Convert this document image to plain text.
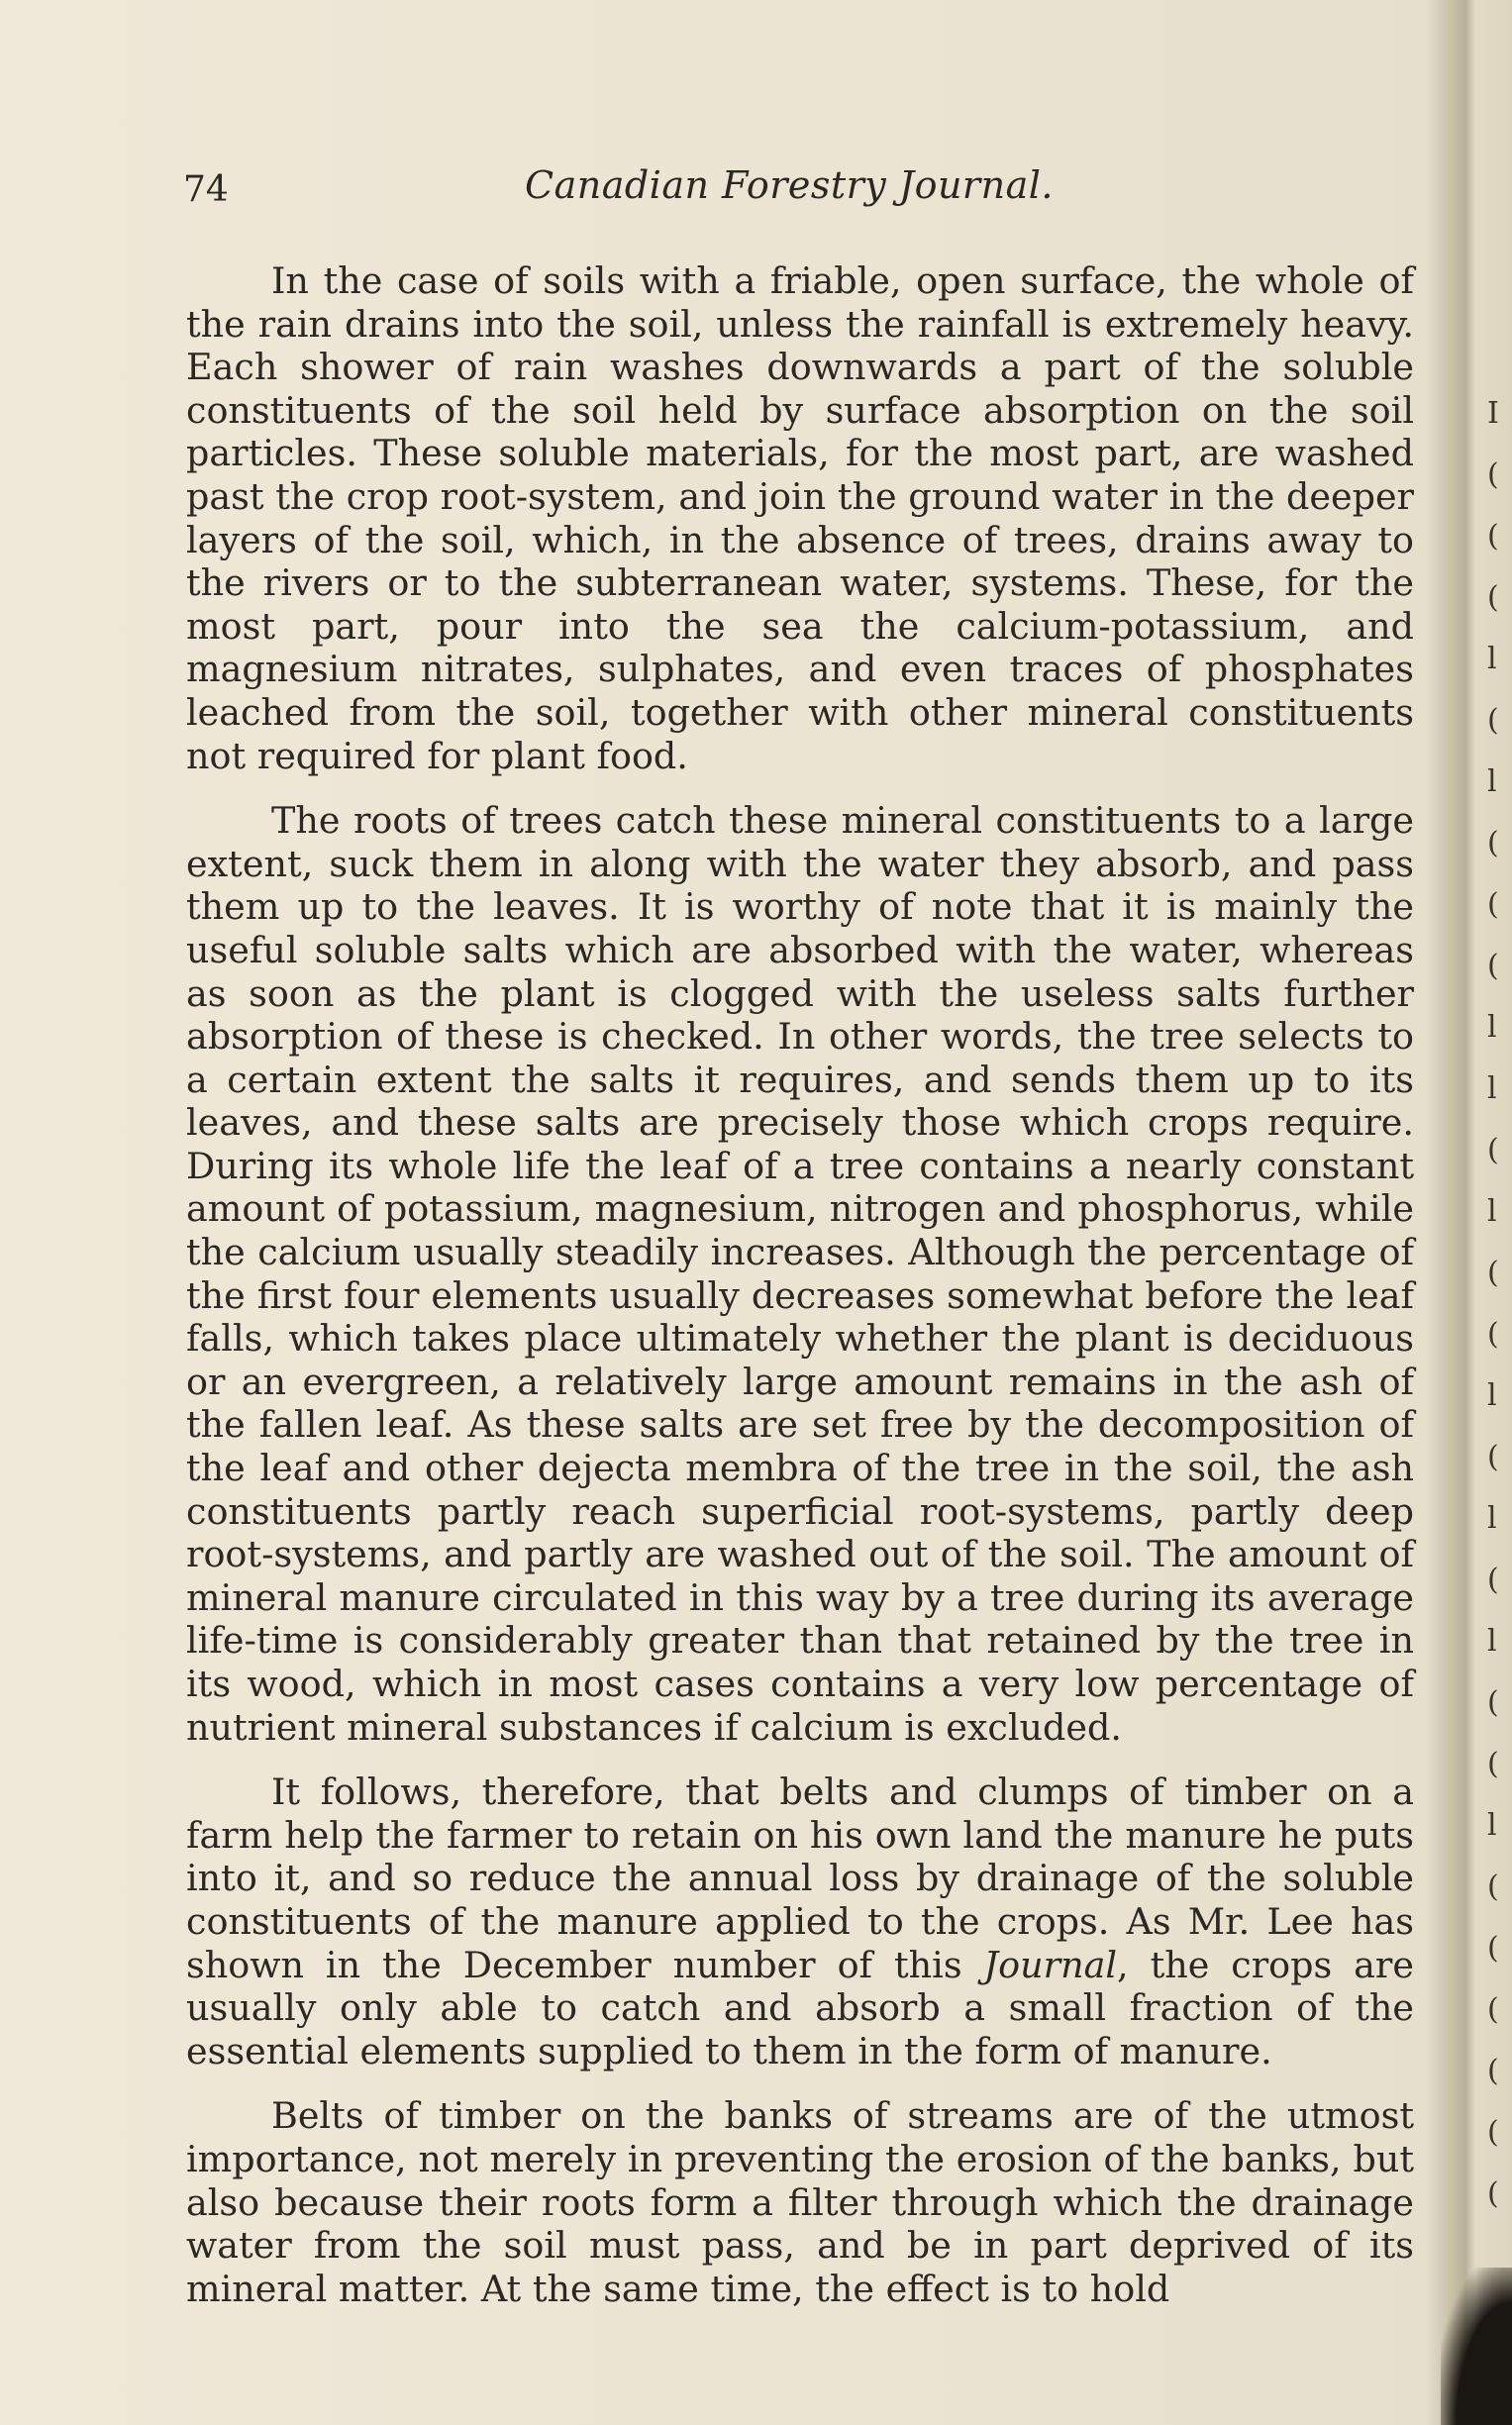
74	Canadian Forestry Journal.

In the case of soils with a friable, open surface, the whole of the rain drains into the soil, unless the rainfall is extremely heavy. Each shower of rain washes downwards a part of the soluble constituents of the soil held by surface absorption on the soil particles. These soluble materials, for the most part, are washed past the crop root-system, and join the ground water in the deeper layers of the soil, which, in the absence of trees, drains away to the rivers or to the subterranean water, systems. These, for the most part, pour into the sea the calcium-potassium, and magnesium nitrates, sulphates, and even traces of phosphates leached from the soil, together with other mineral constituents not required for plant food.

The roots of trees catch these mineral constituents to a large extent, suck them in along with the water they absorb, and pass them up to the leaves. It is worthy of note that it is mainly the useful soluble salts which are absorbed with the water, whereas as soon as the plant is clogged with the useless salts further absorption of these is checked. In other words, the tree selects to a certain extent the salts it requires, and sends them up to its leaves, and these salts are precisely those which crops require. During its whole life the leaf of a tree contains a nearly constant amount of potassium, magnesium, nitrogen and phosphorus, while the calcium usually steadily increases. Although the percentage of the first four elements usually decreases somewhat before the leaf falls, which takes place ultimately whether the plant is deciduous or an evergreen, a relatively large amount remains in the ash of the fallen leaf. As these salts are set free by the decomposition of the leaf and other dejecta membra of the tree in the soil, the ash constituents partly reach superficial root-systems, partly deep root-systems, and partly are washed out of the soil. The amount of mineral manure circulated in this way by a tree during its average life-time is considerably greater than that retained by the tree in its wood, which in most cases contains a very low percentage of nutrient mineral substances if calcium is excluded.

It follows, therefore, that belts and clumps of timber on a farm help the farmer to retain on his own land the manure he puts into it, and so reduce the annual loss by drainage of the soluble constituents of the manure applied to the crops. As Mr. Lee has shown in the December number of this Journal, the crops are usually only able to catch and absorb a small fraction of the essential elements supplied to them in the form of manure.

Belts of timber on the banks of streams are of the utmost importance, not merely in preventing the erosion of the banks, but also because their roots form a filter through which the drainage water from the soil must pass, and be in part deprived of its mineral matter. At the same time, the effect is to hold

I
(
(
(
l
(
l
(
(
(
l
l
(
l
(
(
l
(
l
(
l
(
(
l
(
(
(
(
(
(
